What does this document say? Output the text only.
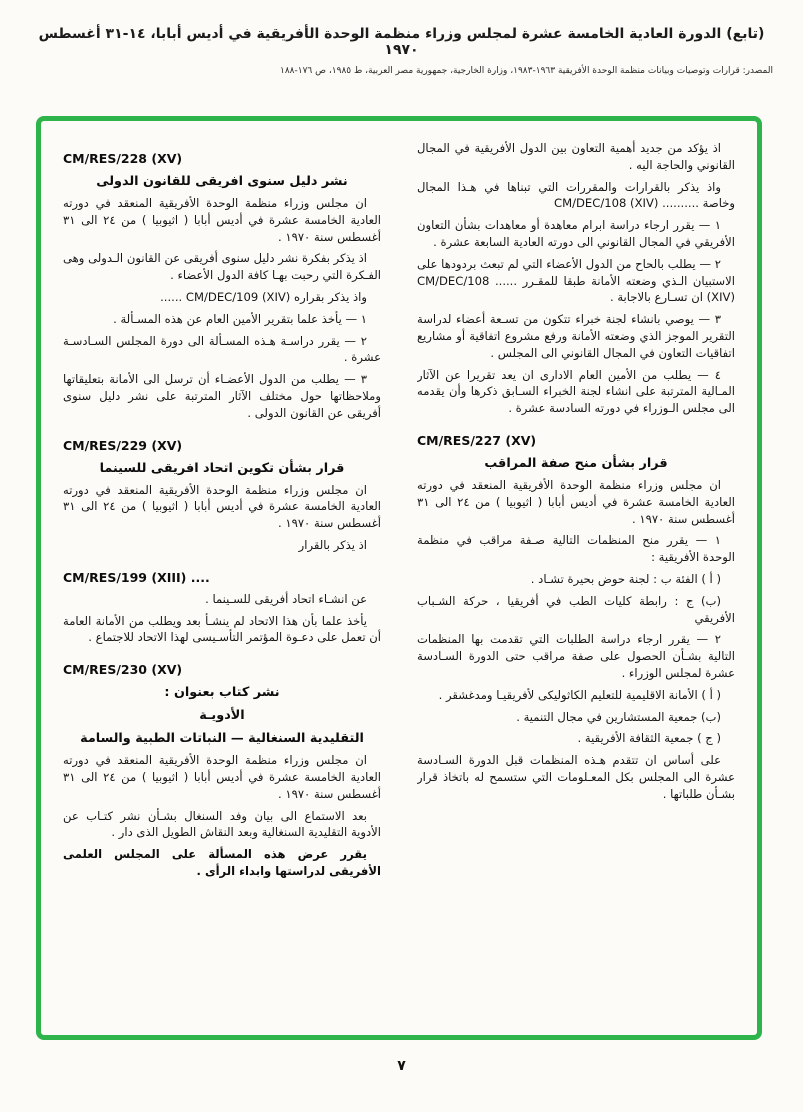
(تابع) الدورة العادية الخامسة عشرة لمجلس وزراء منظمة الوحدة الأفريقية في أديس أبابا، ١٤-٣١ أغسطس ١٩٧٠
المصدر: قرارات وتوصيات وبيانات منظمة الوحدة الأفريقية ١٩٦٣-١٩٨٣، وزارة الخارجية، جمهورية مصر العربية، ط ١٩٨٥، ص ١٧٦-١٨٨
اذ يؤكد من جديد أهمية التعاون بين الدول الأفريقية في المجال القانوني والحاجة اليه .
واذ يذكر بالقرارات والمقررات التي تبناها في هـذا المجال وخاصة .......... CM/DEC/108 (XIV)
١ — يقرر ارجاء دراسة ابرام معاهدة أو معاهدات بشأن التعاون الأفريقي في المجال القانوني الى دورته العادية السابعة عشرة .
٢ — يطلب بالحاح من الدول الأعضاء التي لم تبعث بردودها على الاستبيان الـذي وضعته الأمانة طبقا للمقـرر ...... CM/DEC/108 (XIV) ان تسـارع بالاجابة .
٣ — يوصي بانشاء لجنة خبراء تتكون من تسـعة أعضاء لدراسة التقرير الموجز الذي وضعته الأمانة ورفع مشروع اتفاقية أو مشاريع اتفاقيات التعاون في المجال القانوني الى المجلس .
٤ — يطلب من الأمين العام الادارى ان يعد تقريرا عن الآثار المـالية المترتبة على انشاء لجنة الخبراء السـابق ذكرها وأن يقدمه الى مجلس الـوزراء في دورته السادسة عشرة .
CM/RES/227 (XV)
قرار بشأن منح صفة المراقب
ان مجلس وزراء منظمة الوحدة الأفريقية المنعقد في دورته العادية الخامسة عشرة في أديس أبابا ( اثيوبيا ) من ٢٤ الى ٣١ أغسطس سنة ١٩٧٠ .
١ — يقرر منح المنظمات التالية صـفة مراقب في منظمة الوحدة الأفريقية :
( أ ) الفئة ب : لجنة حوض بحيرة تشـاد .
(ب) ج : رابطة كليات الطب في أفريقيا ، حركة الشـباب الأفريقي
٢ — يقرر ارجاء دراسة الطلبات التي تقدمت بها المنظمات التالية بشـأن الحصول على صفة مراقب حتى الدورة السـادسة عشرة لمجلس الوزراء .
( أ ) الأمانة الاقليمية للتعليم الكاثوليكى لأفريقيـا ومدغشقر .
(ب) جمعية المستشارين في مجال التنمية .
( ج ) جمعية الثقافة الأفريقية .
على أساس ان تتقدم هـذه المنظمات قبل الدورة السـادسة عشرة الى المجلس بكل المعـلومات التي ستسمح له باتخاذ قرار بشـأن طلباتها .
CM/RES/228 (XV)
نشر دليل سنوى افريقى للقانون الدولى
ان مجلس وزراء منظمة الوحدة الأفريقية المنعقد في دورته العادية الخامسة عشرة في أديس أبابا ( اثيوبيا ) من ٢٤ الى ٣١ أغسطس سنة ١٩٧٠ .
اذ يذكر بفكرة نشر دليل سنوى أفريقى عن القانون الـدولى وهى الفـكرة التي رحبت بهـا كافة الدول الأعضاء .
واذ يذكر بقراره CM/DEC/109 (XIV) ......
١ — يأخذ علما بتقرير الأمين العام عن هذه المسـألة .
٢ — يقرر دراسـة هـذه المسـألة الى دورة المجلس السـادسـة عشرة .
٣ — يطلب من الدول الأعضـاء أن ترسل الى الأمانة بتعليقاتها وملاحظاتها حول مختلف الآثار المترتبة على نشر دليل سنوى أفريقى عن القانون الدولى .
CM/RES/229 (XV)
قرار بشأن تكوين اتحاد افريقى للسينما
ان مجلس وزراء منظمة الوحدة الأفريقية المنعقد في دورته العادية الخامسة عشرة في أديس أبابا ( اثيوبيا ) من ٢٤ الى ٣١ أغسطس سنة ١٩٧٠ .
اذ يذكر بالقرار
CM/RES/199 (XIII) ....
عن انشـاء اتحاد أفريقى للسـينما .
يأخذ علما بأن هذا الاتحاد لم ينشـأ بعد ويطلب من الأمانة العامة أن تعمل على دعـوة المؤتمر التأسـيسى لهذا الاتحاد للاجتماع .
CM/RES/230 (XV)
نشر كتاب بعنوان :
الأدويـة
التقليدية السنغالية — النباتات الطبية والسامة
ان مجلس وزراء منظمة الوحدة الأفريقية المنعقد في دورته العادية الخامسة عشرة في أديس أبابا ( اثيوبيا ) من ٢٤ الى ٣١ أغسطس سنة ١٩٧٠ .
بعد الاستماع الى بيان وفد السنغال بشـأن نشر كتـاب عن الأدوية التقليدية السنغالية وبعد النقاش الطويل الذى دار .
يقرر عرض هذه المسألة على المجلس العلمى الأفريقى لدراستها وابداء الرأى .
٧
